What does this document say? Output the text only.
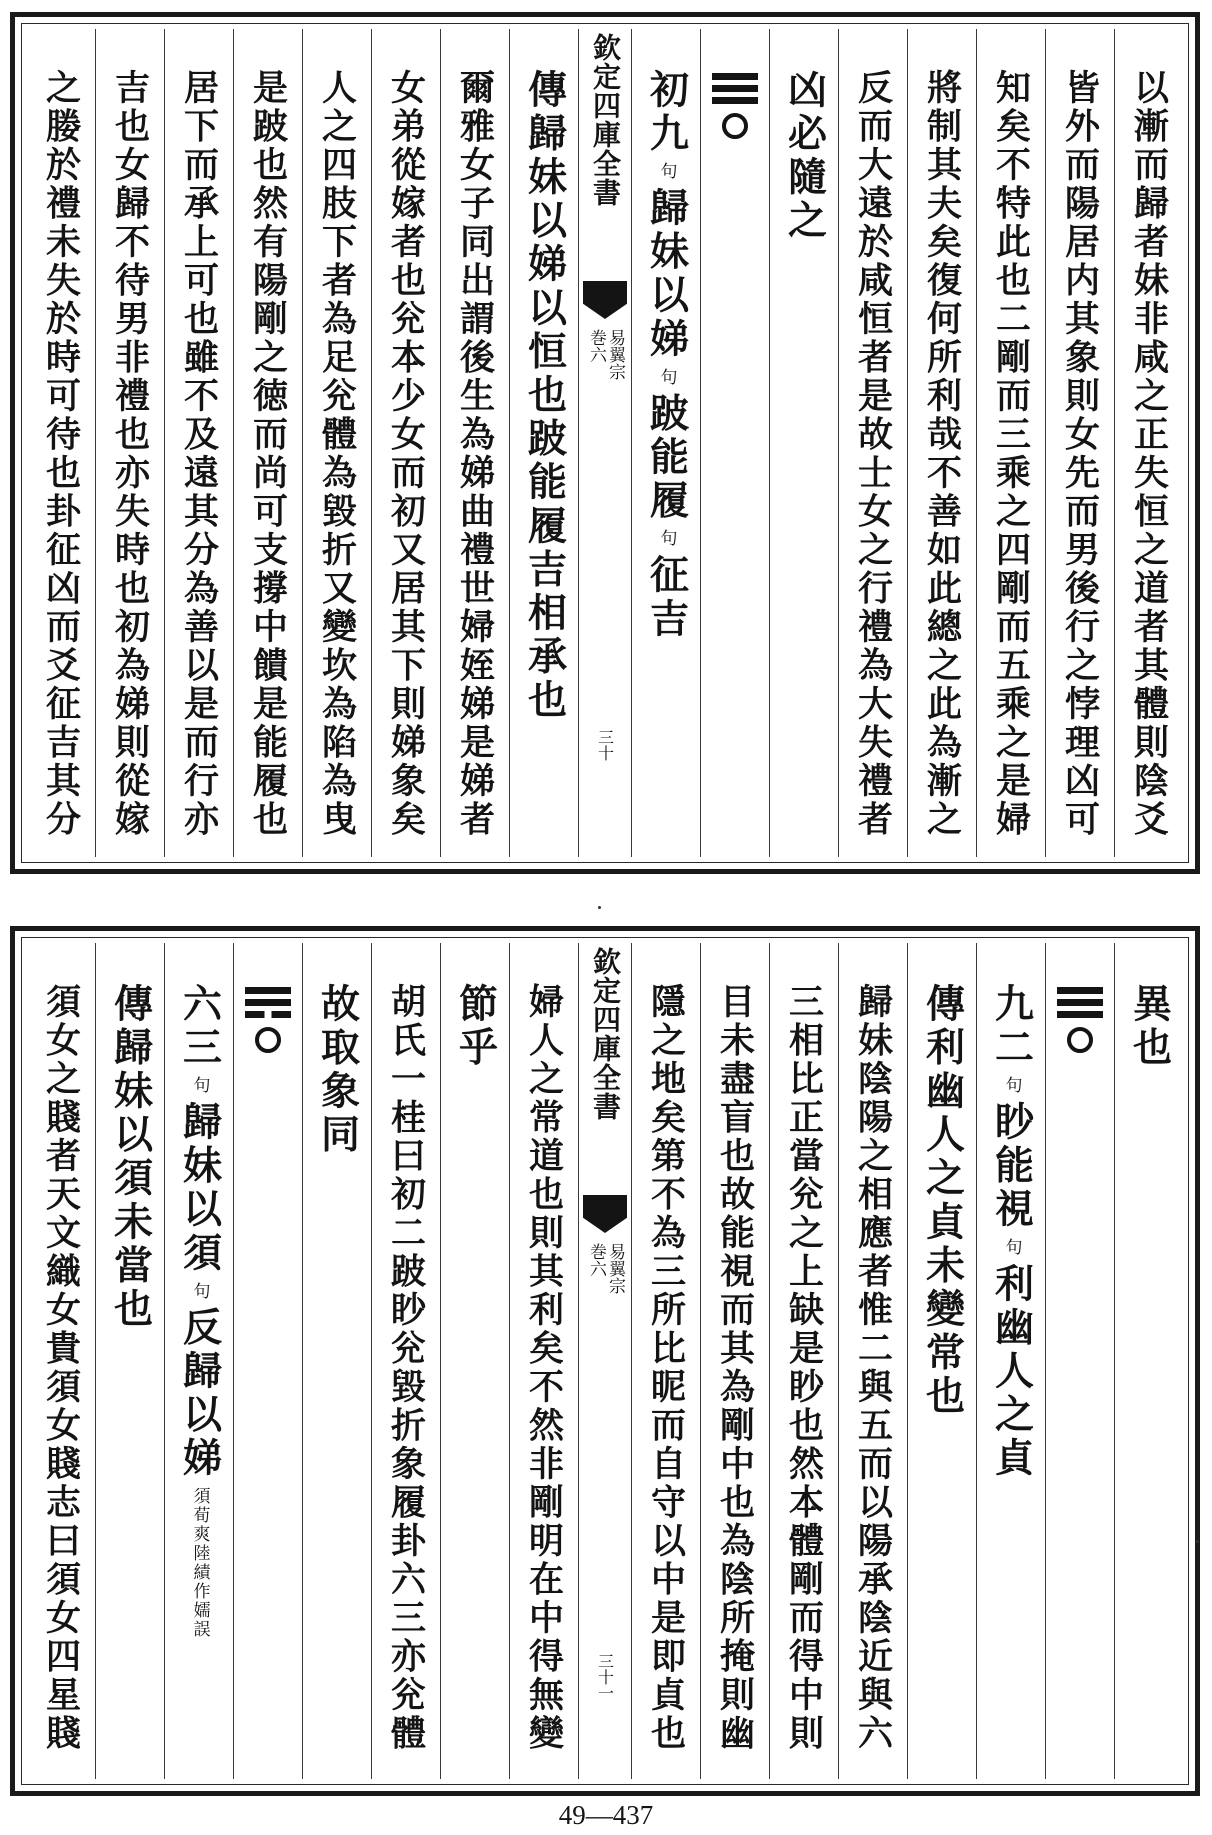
以漸而歸者妹非咸之正失恒之道者其體則陰爻
皆外而陽居内其象則女先而男後行之悖理凶可
知矣不特此也二剛而三乘之四剛而五乘之是婦
將制其夫矣復何所利哉不善如此總之此為漸之
反而大遠於咸恒者是故士女之行禮為大失禮者
凶必隨之
初九句歸妹以娣句跛能履句征吉
欽定四庫全書
易翼宗
巻六
三十
傳歸妹以娣以恒也跛能履吉相承也
爾雅女子同出謂後生為娣曲禮世婦姪娣是娣者
女弟從嫁者也兊本少女而初又居其下則娣象矣
人之四肢下者為足兊體為毀折又變坎為陷為曳
是跛也然有陽剛之徳而尚可支撐中饋是能履也
居下而承上可也雖不及遠其分為善以是而行亦
吉也女歸不待男非禮也亦失時也初為娣則從嫁
之媵於禮未失於時可待也卦征凶而爻征吉其分
異也
九二句眇能視句利幽人之貞
傳利幽人之貞未變常也
歸妹陰陽之相應者惟二與五而以陽承陰近與六
三相比正當兊之上缺是眇也然本體剛而得中則
目未盡盲也故能視而其為剛中也為陰所掩則幽
隱之地矣第不為三所比昵而自守以中是即貞也
欽定四庫全書
易翼宗
巻六
三十一
婦人之常道也則其利矣不然非剛明在中得無變
節乎
胡氏一桂曰初二跛眇兊毀折象履卦六三亦兊體
故取象同
六三句歸妹以須句反歸以娣須荀爽陸績作嬬誤
傳歸妹以須未當也
須女之賤者天文織女貴須女賤志曰須女四星賤
49—437
